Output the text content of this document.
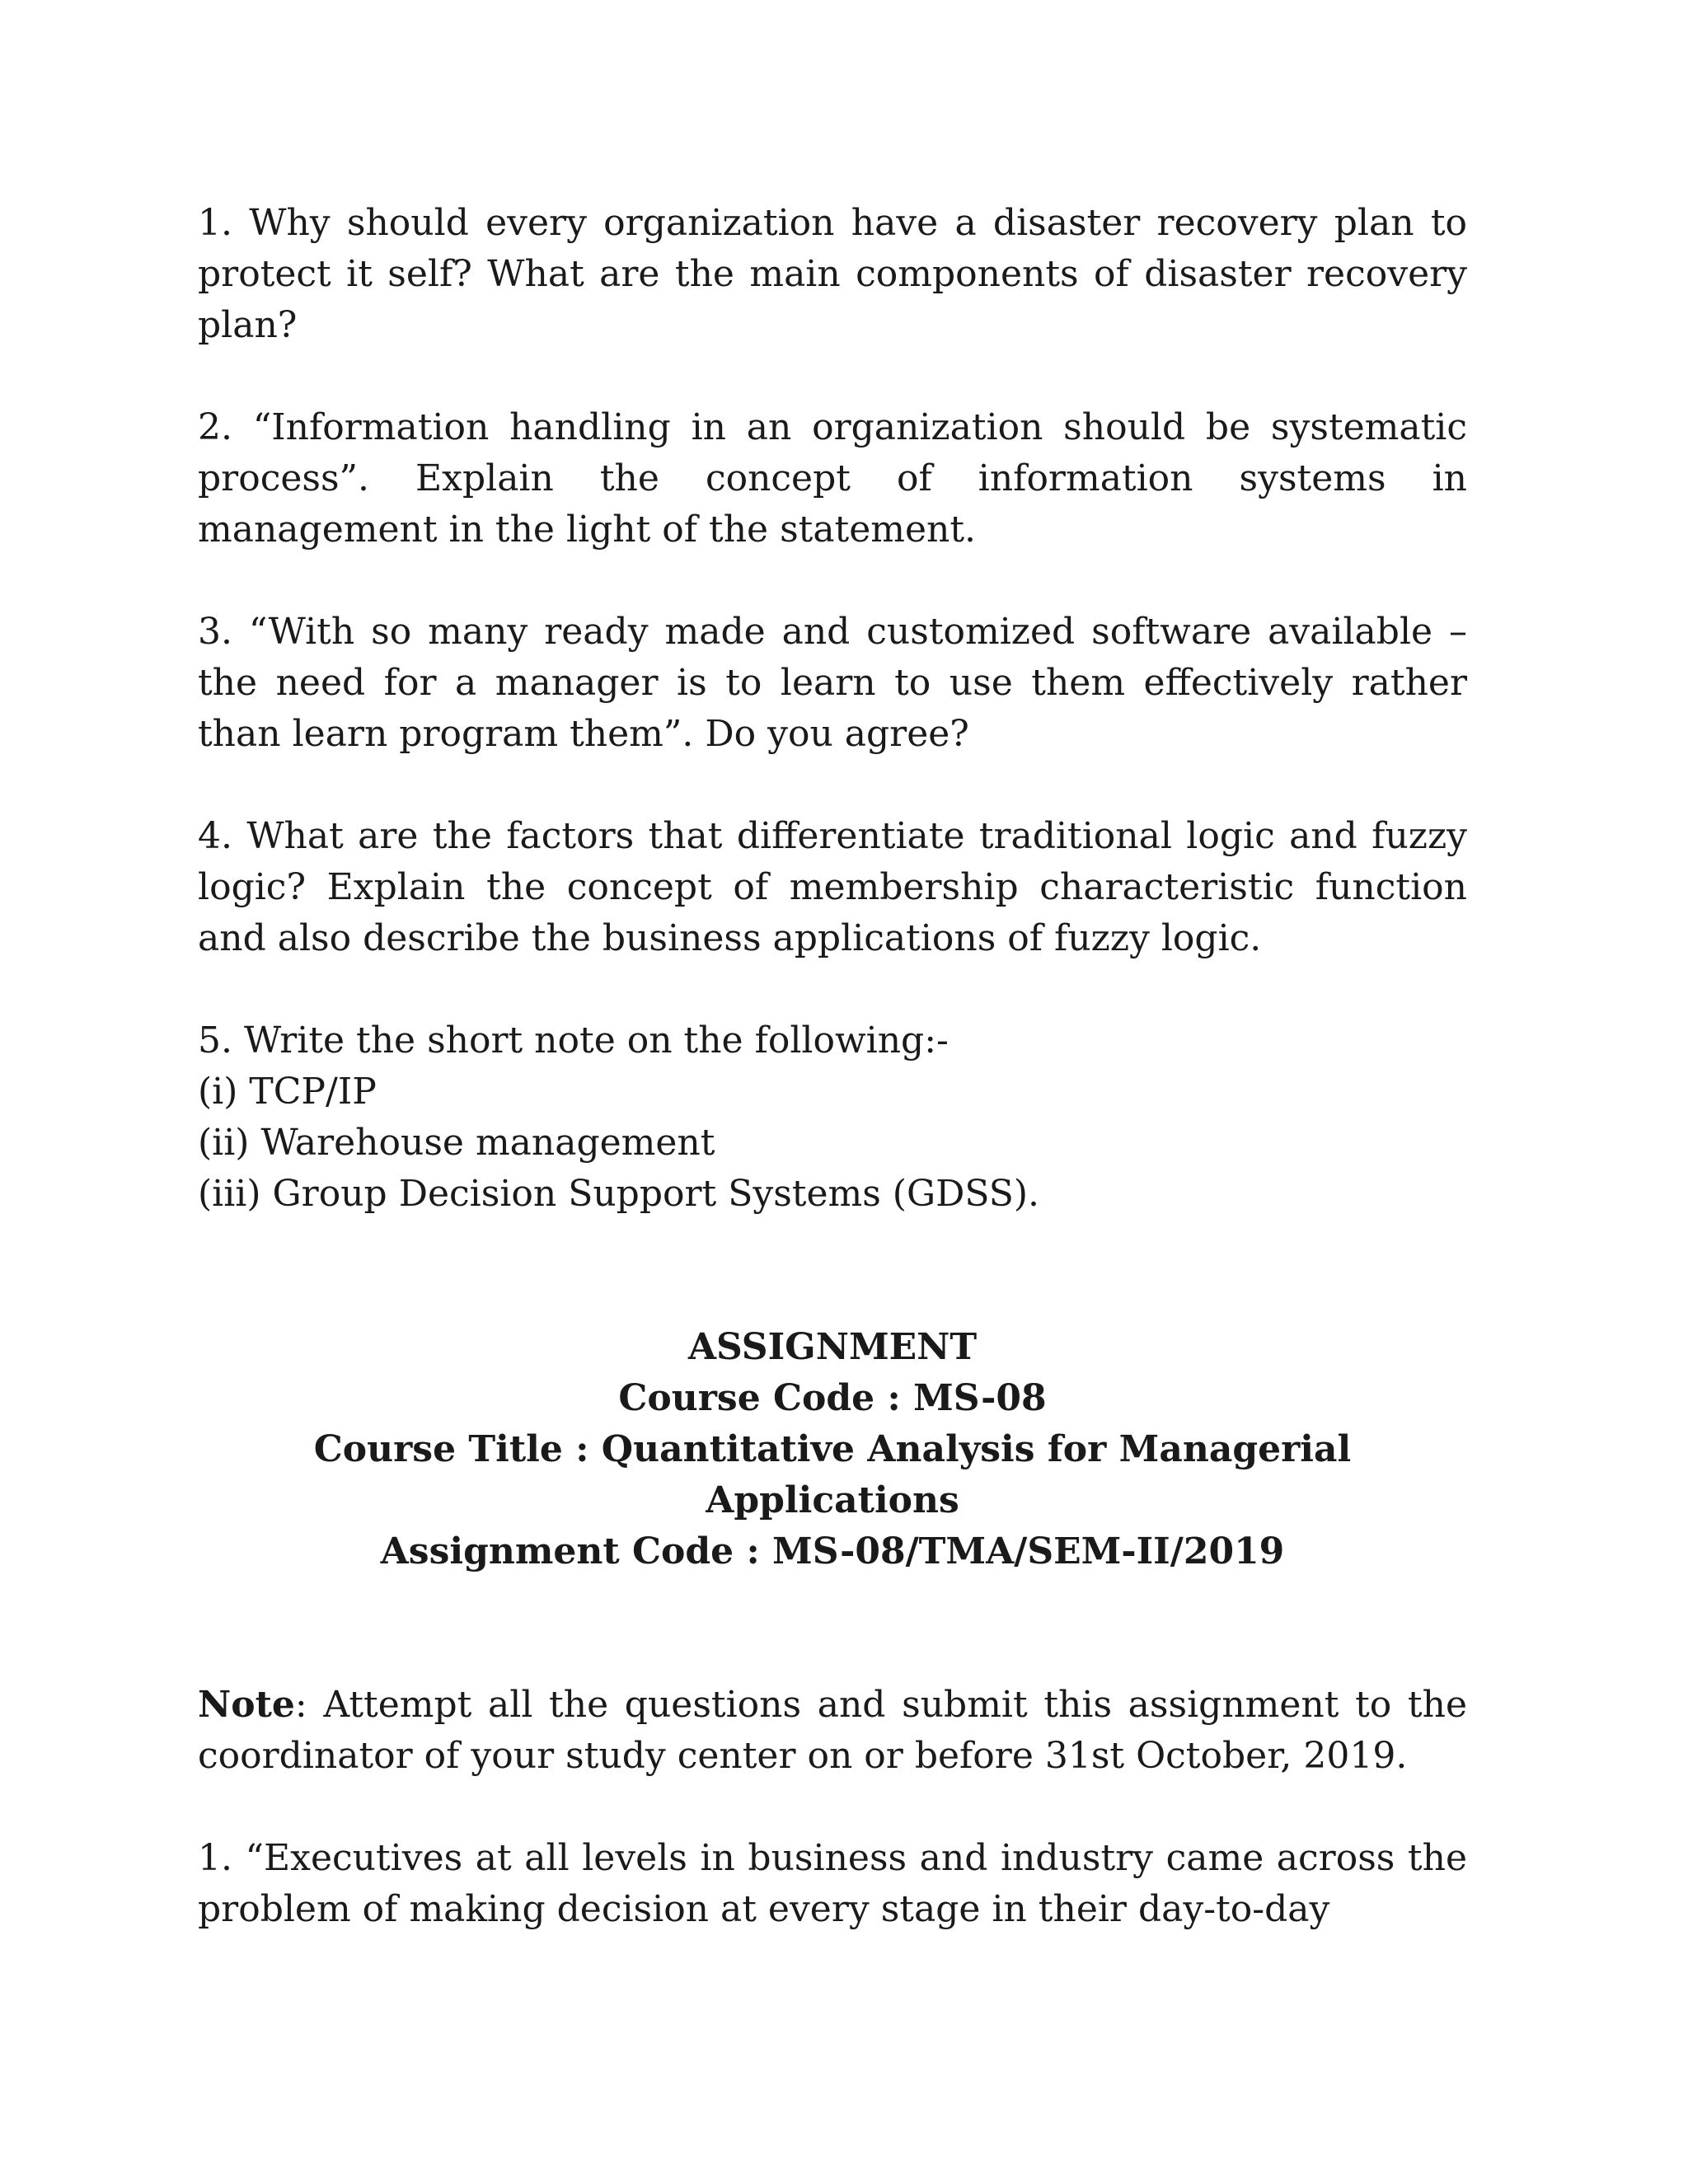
1. Why should every organization have a disaster recovery plan to protect it self? What are the main components of disaster recovery plan?

2. “Information handling in an organization should be systematic process”. Explain the concept of information systems in management in the light of the statement.

3. “With so many ready made and customized software available – the need for a manager is to learn to use them effectively rather than learn program them”. Do you agree?

4. What are the factors that differentiate traditional logic and fuzzy logic? Explain the concept of membership characteristic function and also describe the business applications of fuzzy logic.

5. Write the short note on the following:-
(i) TCP/IP
(ii) Warehouse management
(iii) Group Decision Support Systems (GDSS).
ASSIGNMENT
Course Code : MS-08
Course Title : Quantitative Analysis for Managerial Applications
Assignment Code : MS-08/TMA/SEM-II/2019

Note: Attempt all the questions and submit this assignment to the coordinator of your study center on or before 31st October, 2019.

1. “Executives at all levels in business and industry came across the problem of making decision at every stage in their day-to-day
